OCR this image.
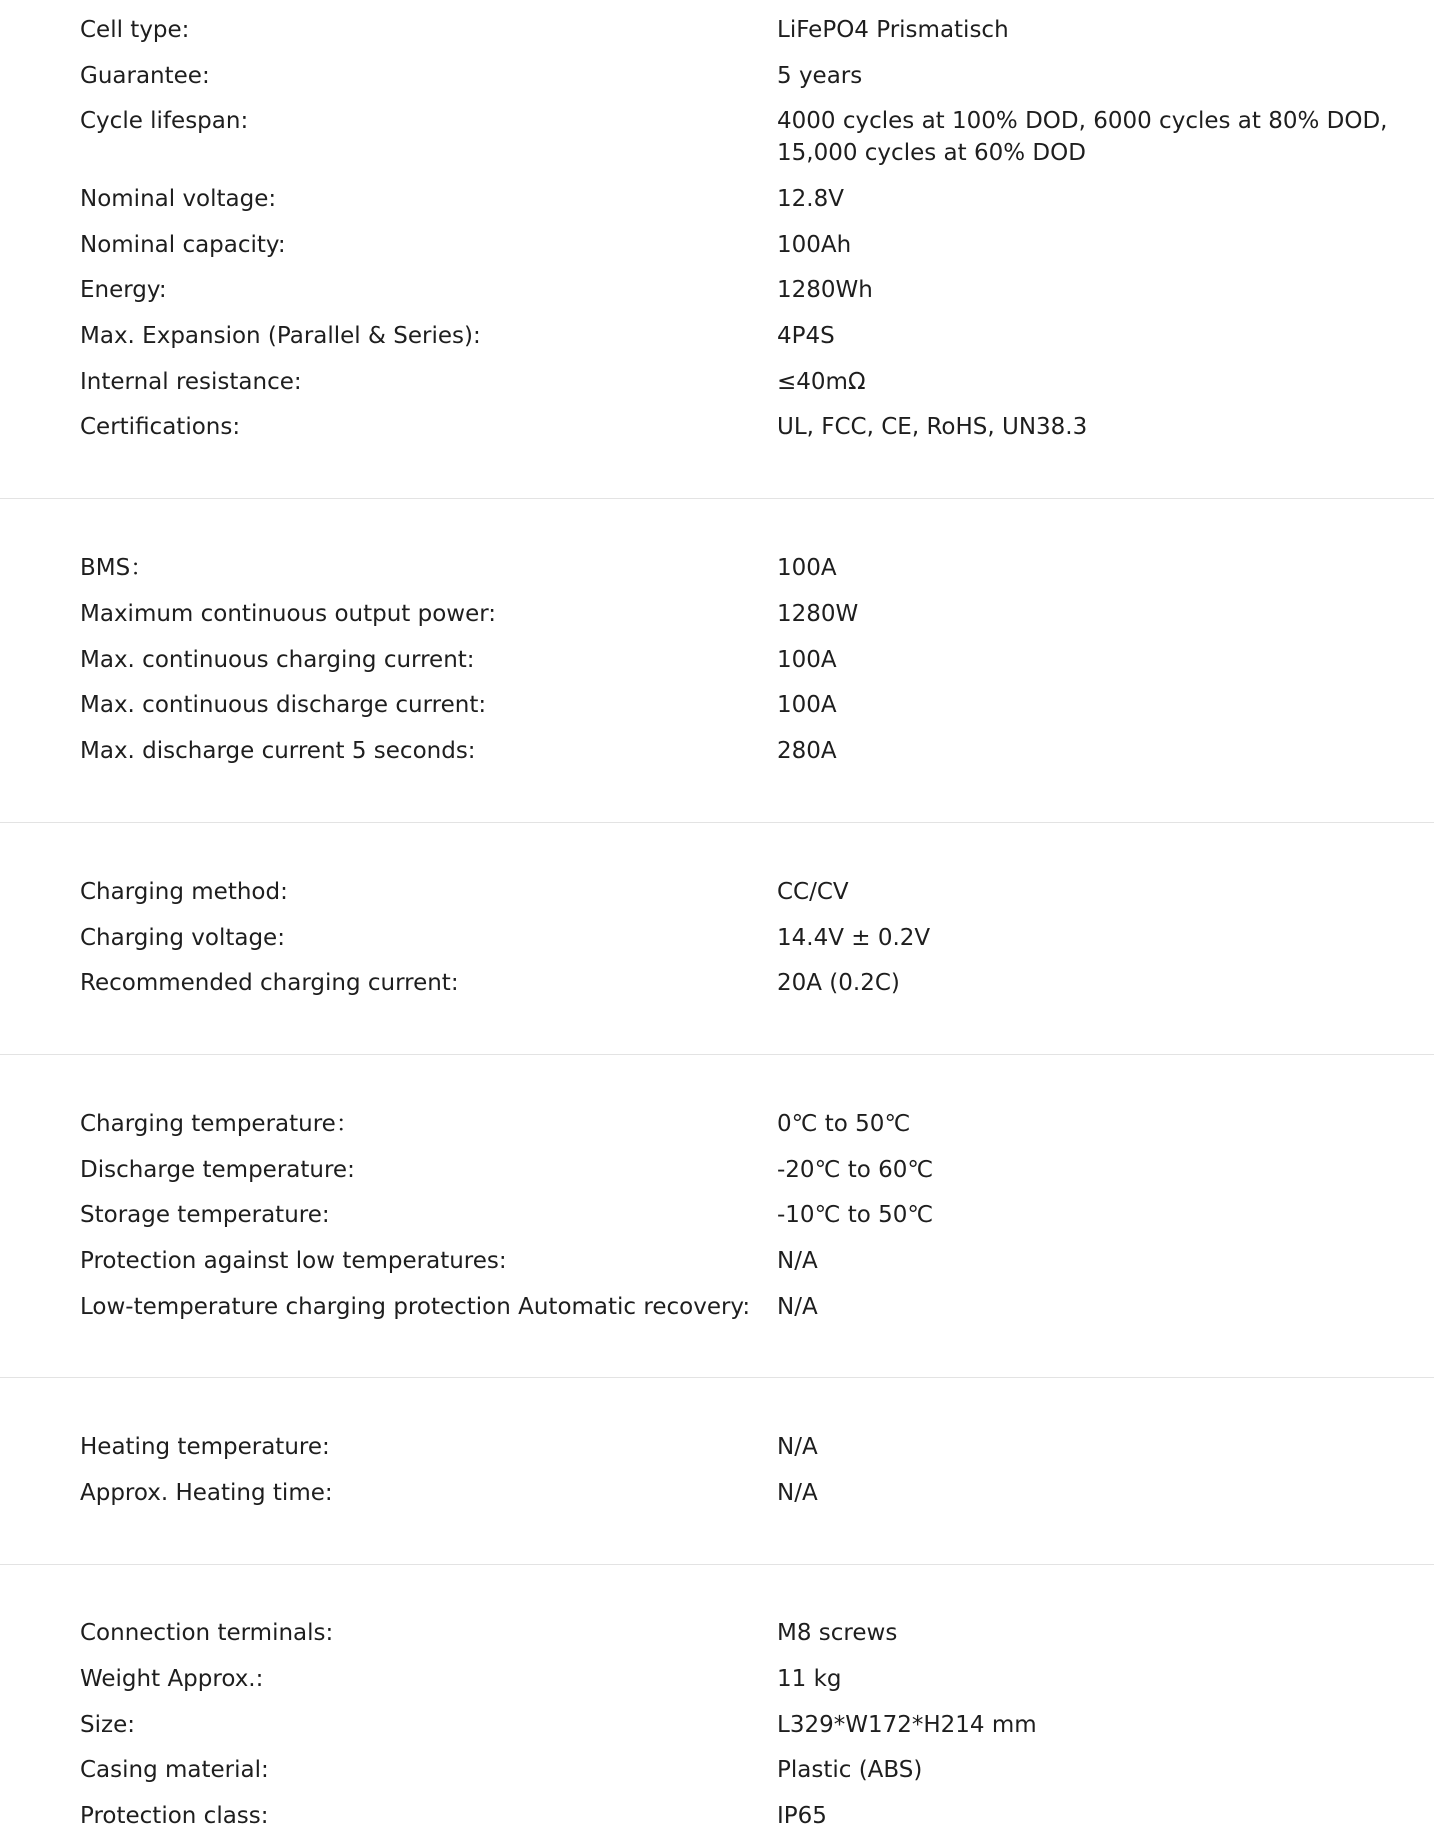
Cell type:	LiFePO4 Prismatisch
Guarantee:	5 years
Cycle lifespan:	4000 cycles at 100% DOD, 6000 cycles at 80% DOD, 15,000 cycles at 60% DOD
Nominal voltage:	12.8V
Nominal capacity:	100Ah
Energy:	1280Wh
Max. Expansion (Parallel & Series):	4P4S
Internal resistance:	≤40mΩ
Certifications:	UL, FCC, CE, RoHS, UN38.3
BMS：	100A
Maximum continuous output power:	1280W
Max. continuous charging current:	100A
Max. continuous discharge current:	100A
Max. discharge current 5 seconds:	280A
Charging method:	CC/CV
Charging voltage:	14.4V ± 0.2V
Recommended charging current:	20A (0.2C)
Charging temperature：	0℃ to 50℃
Discharge temperature:	-20℃ to 60℃
Storage temperature:	-10℃ to 50℃
Protection against low temperatures:	N/A
Low-temperature charging protection Automatic recovery: N/A
Heating temperature:	N/A
Approx. Heating time:	N/A
Connection terminals:	M8 screws
Weight Approx.:	11 kg
Size:	L329*W172*H214 mm
Casing material:	Plastic (ABS)
Protection class:	IP65
